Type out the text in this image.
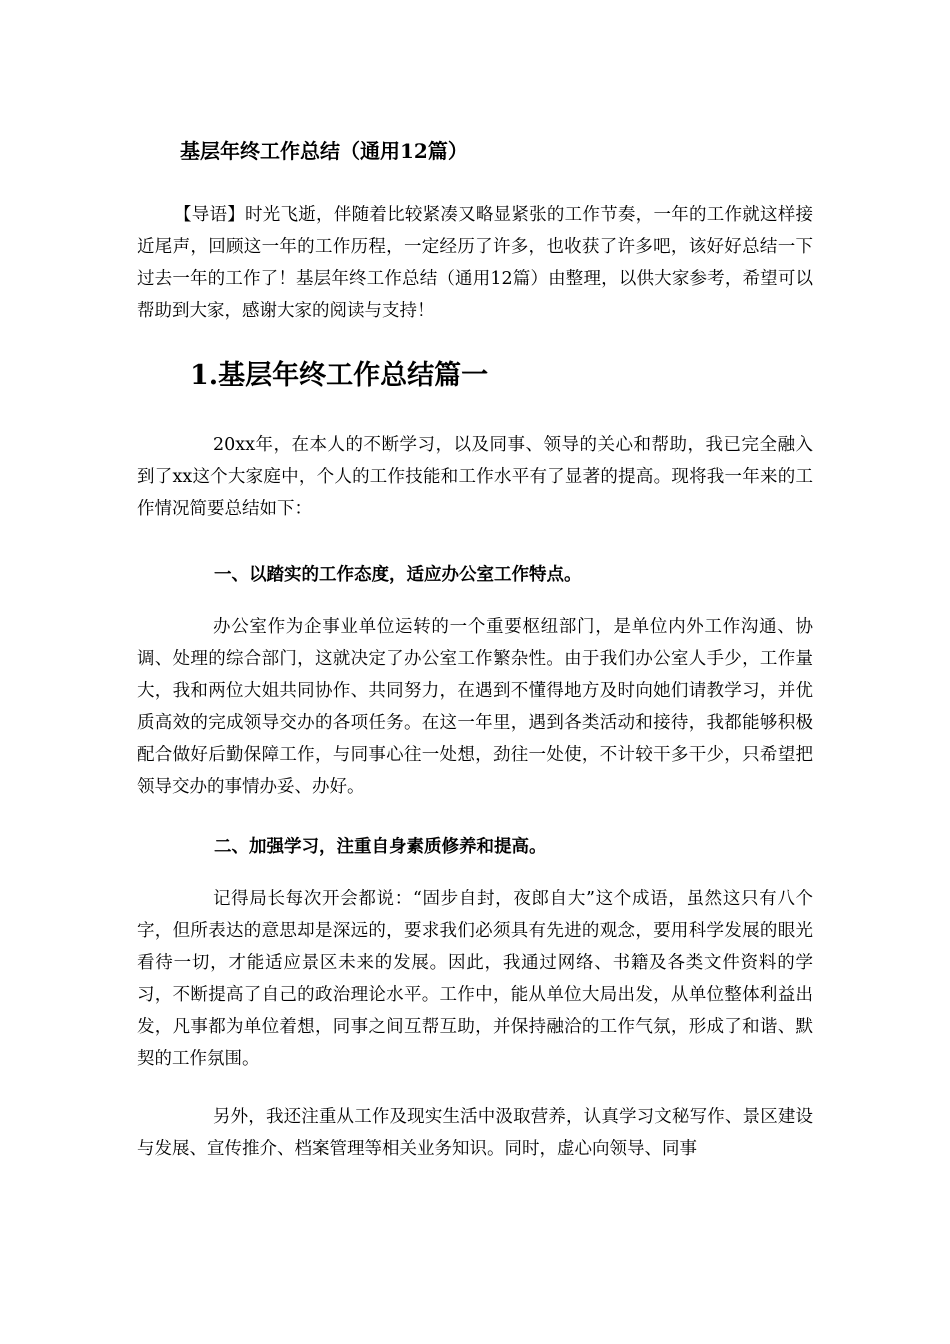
基层年终工作总结（通用12篇）

【导语】时光飞逝，伴随着比较紧凑又略显紧张的工作节奏，一年的工作就这样接近尾声，回顾这一年的工作历程，一定经历了许多，也收获了许多吧，该好好总结一下过去一年的工作了！基层年终工作总结（通用12篇）由整理，以供大家参考，希望可以帮助到大家，感谢大家的阅读与支持！

1.基层年终工作总结篇一

20xx年，在本人的不断学习，以及同事、领导的关心和帮助，我已完全融入到了xx这个大家庭中，个人的工作技能和工作水平有了显著的提高。现将我一年来的工作情况简要总结如下：

一、以踏实的工作态度，适应办公室工作特点。

办公室作为企事业单位运转的一个重要枢纽部门，是单位内外工作沟通、协调、处理的综合部门，这就决定了办公室工作繁杂性。由于我们办公室人手少，工作量大，我和两位大姐共同协作、共同努力，在遇到不懂得地方及时向她们请教学习，并优质高效的完成领导交办的各项任务。在这一年里，遇到各类活动和接待，我都能够积极配合做好后勤保障工作，与同事心往一处想，劲往一处使，不计较干多干少，只希望把领导交办的事情办妥、办好。

二、加强学习，注重自身素质修养和提高。

记得局长每次开会都说：“固步自封，夜郎自大”这个成语，虽然这只有八个字，但所表达的意思却是深远的，要求我们必须具有先进的观念，要用科学发展的眼光看待一切，才能适应景区未来的发展。因此，我通过网络、书籍及各类文件资料的学习，不断提高了自己的政治理论水平。工作中，能从单位大局出发，从单位整体利益出发，凡事都为单位着想，同事之间互帮互助，并保持融洽的工作气氛，形成了和谐、默契的工作氛围。

另外，我还注重从工作及现实生活中汲取营养，认真学习文秘写作、景区建设与发展、宣传推介、档案管理等相关业务知识。同时，虚心向领导、同事
